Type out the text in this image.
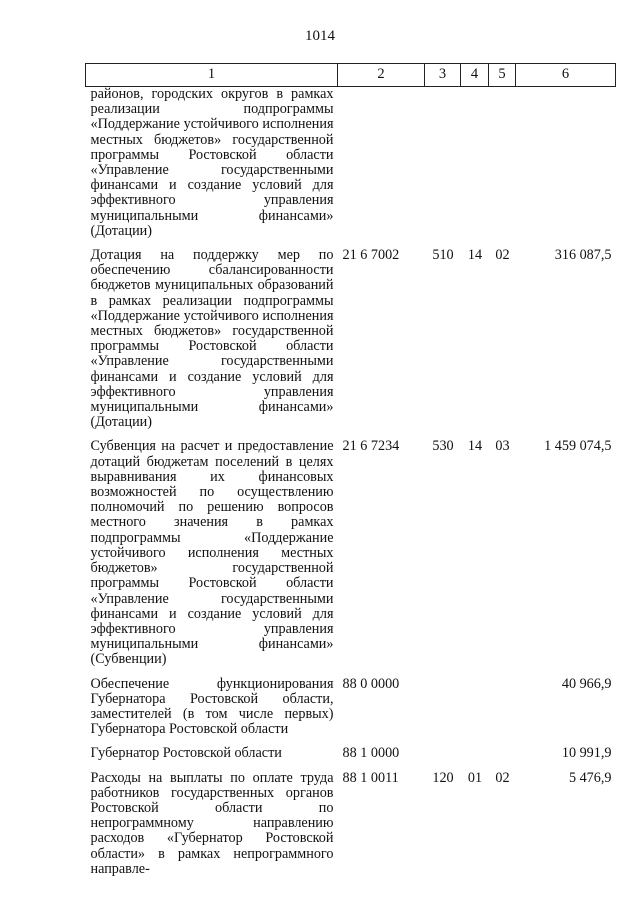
1014
1	2	3	4	5	6
районов, городских округов в рамках реализации подпрограммы «Поддержание устойчивого исполнения местных бюджетов» государственной программы Ростовской области «Управление государственными финансами и создание условий для эффективного управления муниципальными финансами» (Дотации)					
Дотация на поддержку мер по обеспечению сбалансированности бюджетов муниципальных образований в рамках реализации подпрограммы «Поддержание устойчивого исполнения местных бюджетов» государственной программы Ростовской области «Управление государственными финансами и создание условий для эффективного управления муниципальными финансами» (Дотации)	21 6 7002	510	14	02	316 087,5
Субвенция на расчет и предоставление дотаций бюджетам поселений в целях выравнивания их финансовых возможностей по осуществлению полномочий по решению вопросов местного значения в рамках подпрограммы «Поддержание устойчивого исполнения местных бюджетов» государственной программы Ростовской области «Управление государственными финансами и создание условий для эффективного управления муниципальными финансами» (Субвенции)	21 6 7234	530	14	03	1 459 074,5
Обеспечение функционирования Губернатора Ростовской области, заместителей (в том числе первых) Губернатора Ростовской области	88 0 0000				40 966,9
Губернатор Ростовской области	88 1 0000				10 991,9
Расходы на выплаты по оплате труда работников государственных органов Ростовской области по непрограммному направлению расходов «Губернатор Ростовской области» в рамках непрограммного направле-	88 1 0011	120	01	02	5 476,9
